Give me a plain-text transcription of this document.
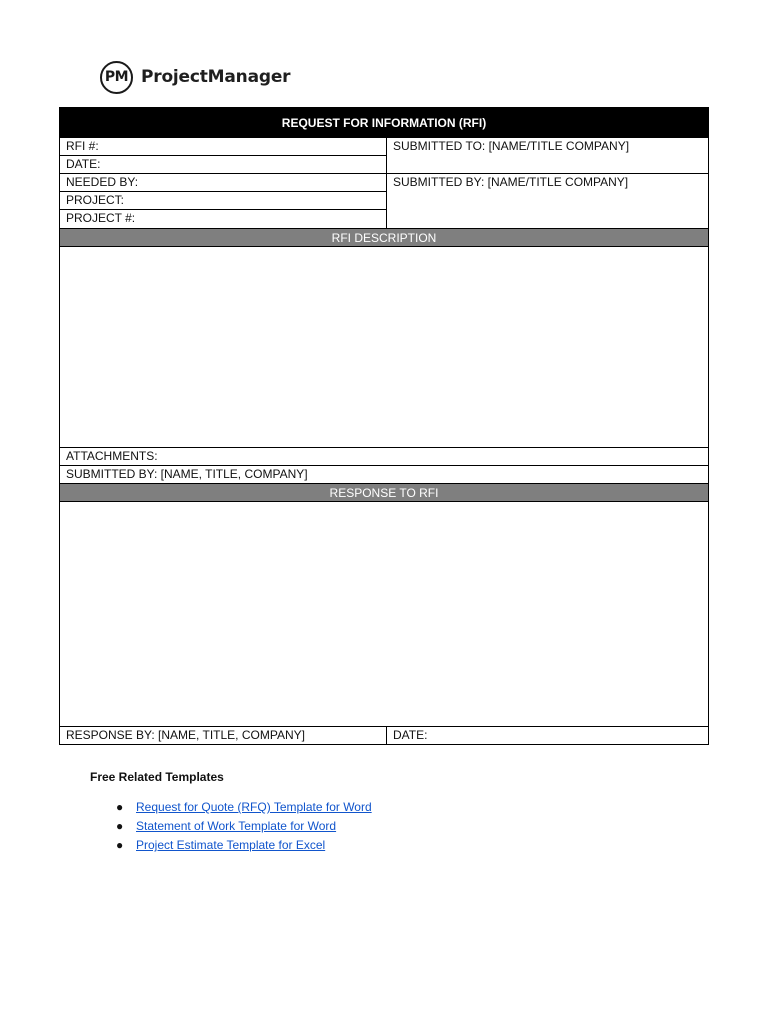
PM ProjectManager
REQUEST FOR INFORMATION (RFI)
RFI #:
DATE:
NEEDED BY:
PROJECT:
PROJECT #:
SUBMITTED TO: [NAME/TITLE COMPANY]
SUBMITTED BY: [NAME/TITLE COMPANY]
RFI DESCRIPTION
ATTACHMENTS:
SUBMITTED BY: [NAME, TITLE, COMPANY]
RESPONSE TO RFI
RESPONSE BY: [NAME, TITLE, COMPANY]	DATE:
Free Related Templates
● Request for Quote (RFQ) Template for Word
● Statement of Work Template for Word
● Project Estimate Template for Excel
